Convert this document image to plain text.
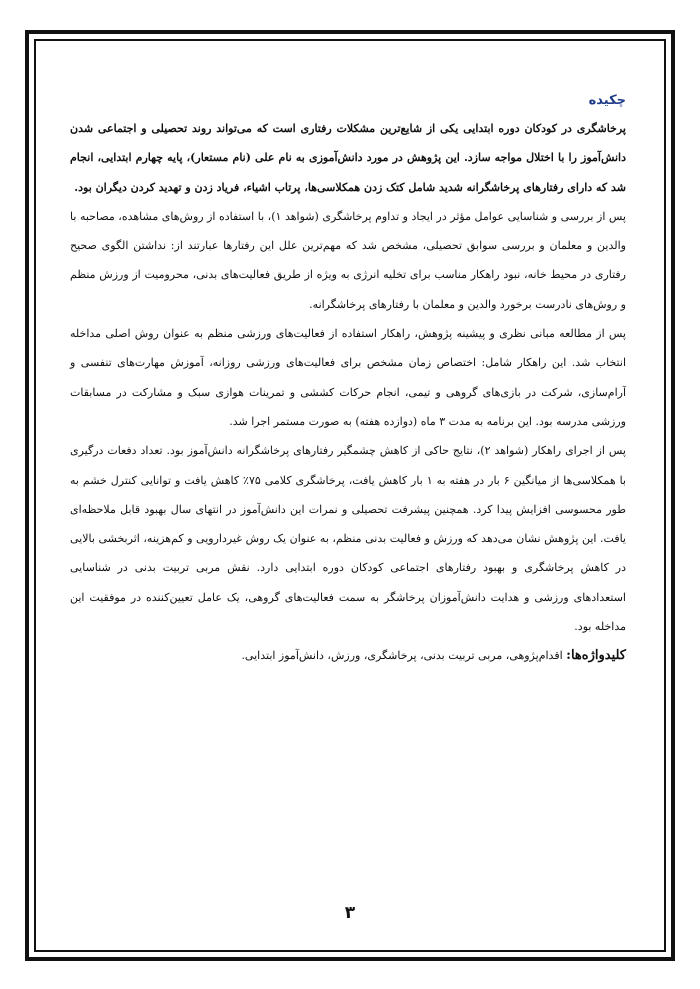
چکیده

پرخاشگری در کودکان دوره ابتدایی یکی از شایع‌ترین مشکلات رفتاری است که می‌تواند روند تحصیلی و اجتماعی شدن دانش‌آموز را با اختلال مواجه سازد. این پژوهش در مورد دانش‌آموزی به نام علی (نام مستعار)، پایه چهارم ابتدایی، انجام شد که دارای رفتارهای پرخاشگرانه شدید شامل کتک زدن همکلاسی‌ها، پرتاب اشیاء، فریاد زدن و تهدید کردن دیگران بود.

پس از بررسی و شناسایی عوامل مؤثر در ایجاد و تداوم پرخاشگری (شواهد ۱)، با استفاده از روش‌های مشاهده، مصاحبه با والدین و معلمان و بررسی سوابق تحصیلی، مشخص شد که مهم‌ترین علل این رفتارها عبارتند از: نداشتن الگوی صحیح رفتاری در محیط خانه، نبود راهکار مناسب برای تخلیه انرژی به ویژه از طریق فعالیت‌های بدنی، محرومیت از ورزش منظم و روش‌های نادرست برخورد والدین و معلمان با رفتارهای پرخاشگرانه.

پس از مطالعه مبانی نظری و پیشینه پژوهش، راهکار استفاده از فعالیت‌های ورزشی منظم به عنوان روش اصلی مداخله انتخاب شد. این راهکار شامل: اختصاص زمان مشخص برای فعالیت‌های ورزشی روزانه، آموزش مهارت‌های تنفسی و آرام‌سازی، شرکت در بازی‌های گروهی و تیمی، انجام حرکات کششی و تمرینات هوازی سبک و مشارکت در مسابقات ورزشی مدرسه بود. این برنامه به مدت ۳ ماه (دوازده هفته) به صورت مستمر اجرا شد.

پس از اجرای راهکار (شواهد ۲)، نتایج حاکی از کاهش چشمگیر رفتارهای پرخاشگرانه دانش‌آموز بود. تعداد دفعات درگیری با همکلاسی‌ها از میانگین ۶ بار در هفته به ۱ بار کاهش یافت، پرخاشگری کلامی ۷۵٪ کاهش یافت و توانایی کنترل خشم به طور محسوسی افزایش پیدا کرد. همچنین پیشرفت تحصیلی و نمرات این دانش‌آموز در انتهای سال بهبود قابل ملاحظه‌ای یافت. این پژوهش نشان می‌دهد که ورزش و فعالیت بدنی منظم، به عنوان یک روش غیردارویی و کم‌هزینه، اثربخشی بالایی در کاهش پرخاشگری و بهبود رفتارهای اجتماعی کودکان دوره ابتدایی دارد. نقش مربی تربیت بدنی در شناسایی استعدادهای ورزشی و هدایت دانش‌آموزان پرخاشگر به سمت فعالیت‌های گروهی، یک عامل تعیین‌کننده در موفقیت این مداخله بود.

کلیدواژه‌ها: اقدام‌پژوهی، مربی تربیت بدنی، پرخاشگری، ورزش، دانش‌آموز ابتدایی.

۳
